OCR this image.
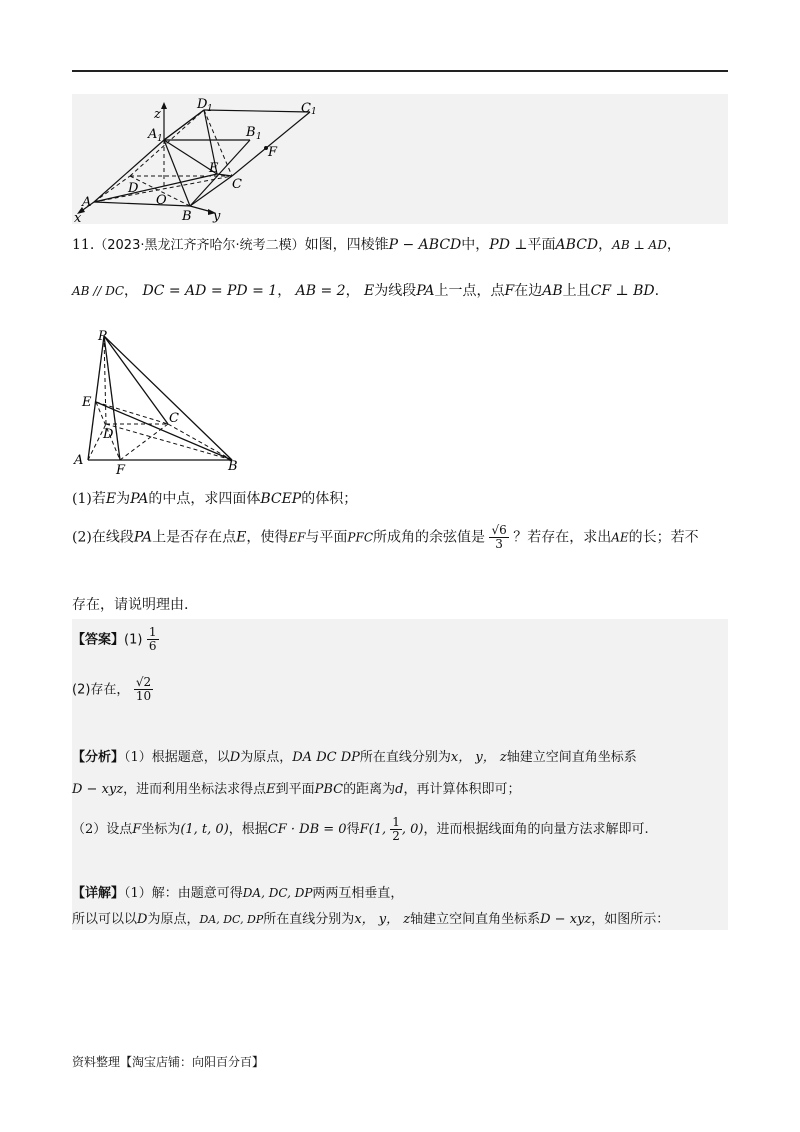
D 1	C 1
A 1	B 1
z
F
E
C
D
O
A
B
x	y
11.（2023·黑龙江齐齐哈尔·统考二模）如图，四棱锥P − ABCD中，PD ⊥平面ABCD，AB ⊥ AD，
AB // DC， DC = AD = PD = 1， AB = 2， E为线段PA上一点，点F在边AB上且CF ⊥ BD.
P
E
C
D
A
F	B
(1)若E为PA的中点，求四面体BCEP的体积；
(2)在线段PA上是否存在点E，使得EF与平面PFC所成角的余弦值是 $\frac{√6}{3}$ ？若存在，求出AE的长；若不
存在，请说明理由.
【答案】$(1) \frac{1}{6}$
(2)存在， $\frac{√2}{10}$
【分析】（1）根据题意，以D为原点，DA DC DP所在直线分别为x， y， z轴建立空间直角坐标系
D − xyz，进而利用坐标法求得点E到平面PBC的距离为d，再计算体积即可；
（2）设点F坐标为(1, t, 0)，根据CF · DB = 0得F(1, $\frac{1}{2}$ , 0)，进而根据线面角的向量方法求解即可.
【详解】（1）解：由题意可得DA, DC, DP两两互相垂直，
所以可以以D为原点，DA, DC, DP所在直线分别为x， y， z轴建立空间直角坐标系D − xyz，如图所示：
资料整理【淘宝店铺：向阳百分百】
